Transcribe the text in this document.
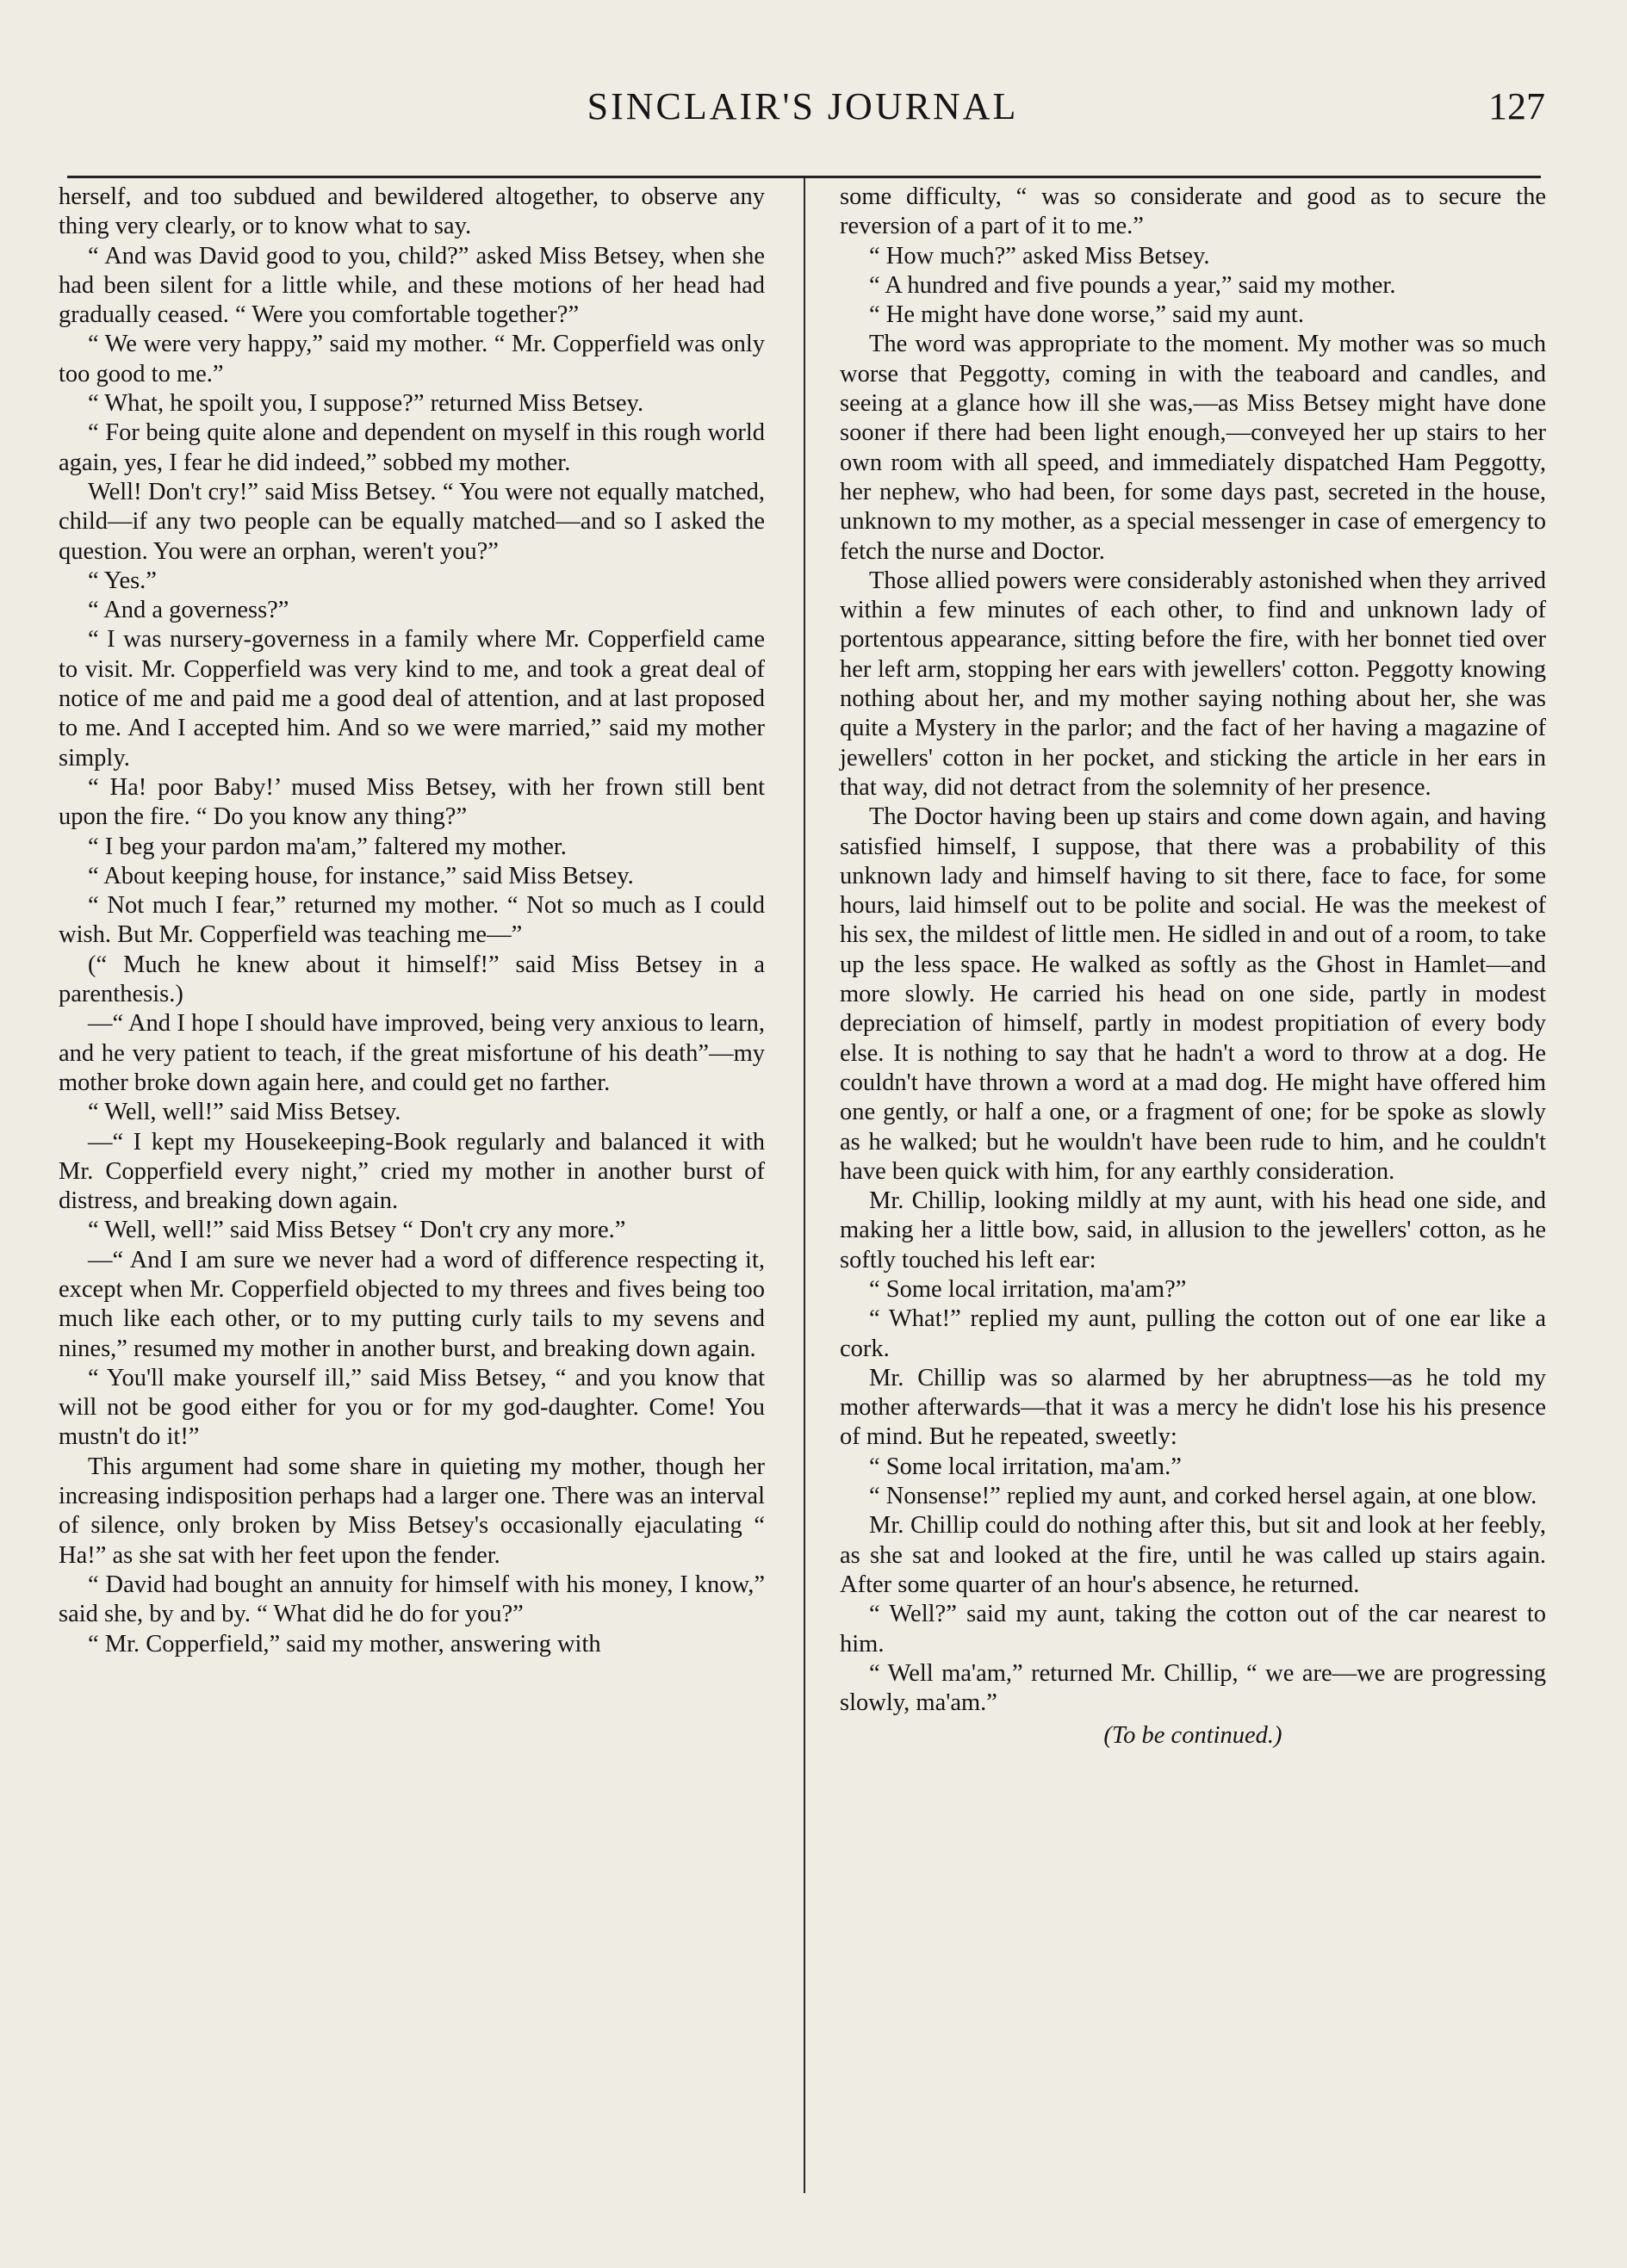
SINCLAIR'S JOURNAL	127

herself, and too subdued and bewildered altogether, to observe any thing very clearly, or to know what to say.

“ And was David good to you, child?” asked Miss Betsey, when she had been silent for a little while, and these motions of her head had gradually ceased. “ Were you comfortable together?”

“ We were very happy,” said my mother. “ Mr. Copperfield was only too good to me.”

“ What, he spoilt you, I suppose?” returned Miss Betsey.

“ For being quite alone and dependent on myself in this rough world again, yes, I fear he did indeed,” sobbed my mother.

Well! Don't cry!” said Miss Betsey. “ You were not equally matched, child—if any two people can be equally matched—and so I asked the question. You were an orphan, weren't you?”

“ Yes.”

“ And a governess?”

“ I was nursery-governess in a family where Mr. Copperfield came to visit. Mr. Copperfield was very kind to me, and took a great deal of notice of me and paid me a good deal of attention, and at last proposed to me. And I accepted him. And so we were married,” said my mother simply.

“ Ha! poor Baby!’ mused Miss Betsey, with her frown still bent upon the fire. “ Do you know any thing?”

“ I beg your pardon ma'am,” faltered my mother.

“ About keeping house, for instance,” said Miss Betsey.

“ Not much I fear,” returned my mother. “ Not so much as I could wish. But Mr. Copperfield was teaching me—”

(“ Much he knew about it himself!” said Miss Betsey in a parenthesis.)

—“ And I hope I should have improved, being very anxious to learn, and he very patient to teach, if the great misfortune of his death”—my mother broke down again here, and could get no farther.

“ Well, well!” said Miss Betsey.

—“ I kept my Housekeeping-Book regularly and balanced it with Mr. Copperfield every night,” cried my mother in another burst of distress, and breaking down again.

“ Well, well!” said Miss Betsey “ Don't cry any more.”

—“ And I am sure we never had a word of difference respecting it, except when Mr. Copperfield objected to my threes and fives being too much like each other, or to my putting curly tails to my sevens and nines,” resumed my mother in another burst, and breaking down again.

“ You'll make yourself ill,” said Miss Betsey, “ and you know that will not be good either for you or for my god-daughter. Come! You mustn't do it!”

This argument had some share in quieting my mother, though her increasing indisposition perhaps had a larger one. There was an interval of silence, only broken by Miss Betsey's occasionally ejaculating “ Ha!” as she sat with her feet upon the fender.

“ David had bought an annuity for himself with his money, I know,” said she, by and by. “ What did he do for you?”

“ Mr. Copperfield,” said my mother, answering with

some difficulty, “ was so considerate and good as to secure the reversion of a part of it to me.”

“ How much?” asked Miss Betsey.

“ A hundred and five pounds a year,” said my mother.

“ He might have done worse,” said my aunt.

The word was appropriate to the moment. My mother was so much worse that Peggotty, coming in with the teaboard and candles, and seeing at a glance how ill she was,—as Miss Betsey might have done sooner if there had been light enough,—conveyed her up stairs to her own room with all speed, and immediately dispatched Ham Peggotty, her nephew, who had been, for some days past, secreted in the house, unknown to my mother, as a special messenger in case of emergency to fetch the nurse and Doctor.

Those allied powers were considerably astonished when they arrived within a few minutes of each other, to find and unknown lady of portentous appearance, sitting before the fire, with her bonnet tied over her left arm, stopping her ears with jewellers' cotton. Peggotty knowing nothing about her, and my mother saying nothing about her, she was quite a Mystery in the parlor; and the fact of her having a magazine of jewellers' cotton in her pocket, and sticking the article in her ears in that way, did not detract from the solemnity of her presence.

The Doctor having been up stairs and come down again, and having satisfied himself, I suppose, that there was a probability of this unknown lady and himself having to sit there, face to face, for some hours, laid himself out to be polite and social. He was the meekest of his sex, the mildest of little men. He sidled in and out of a room, to take up the less space. He walked as softly as the Ghost in Hamlet—and more slowly. He carried his head on one side, partly in modest depreciation of himself, partly in modest propitiation of every body else. It is nothing to say that he hadn't a word to throw at a dog. He couldn't have thrown a word at a mad dog. He might have offered him one gently, or half a one, or a fragment of one; for be spoke as slowly as he walked; but he wouldn't have been rude to him, and he couldn't have been quick with him, for any earthly consideration.

Mr. Chillip, looking mildly at my aunt, with his head one side, and making her a little bow, said, in allusion to the jewellers' cotton, as he softly touched his left ear:

“ Some local irritation, ma'am?”

“ What!” replied my aunt, pulling the cotton out of one ear like a cork.

Mr. Chillip was so alarmed by her abruptness—as he told my mother afterwards—that it was a mercy he didn't lose his his presence of mind. But he repeated, sweetly:

“ Some local irritation, ma'am.”

“ Nonsense!” replied my aunt, and corked hersel again, at one blow.

Mr. Chillip could do nothing after this, but sit and look at her feebly, as she sat and looked at the fire, until he was called up stairs again. After some quarter of an hour's absence, he returned.

“ Well?” said my aunt, taking the cotton out of the car nearest to him.

“ Well ma'am,” returned Mr. Chillip, “ we are—we are progressing slowly, ma'am.”

(To be continued.)
